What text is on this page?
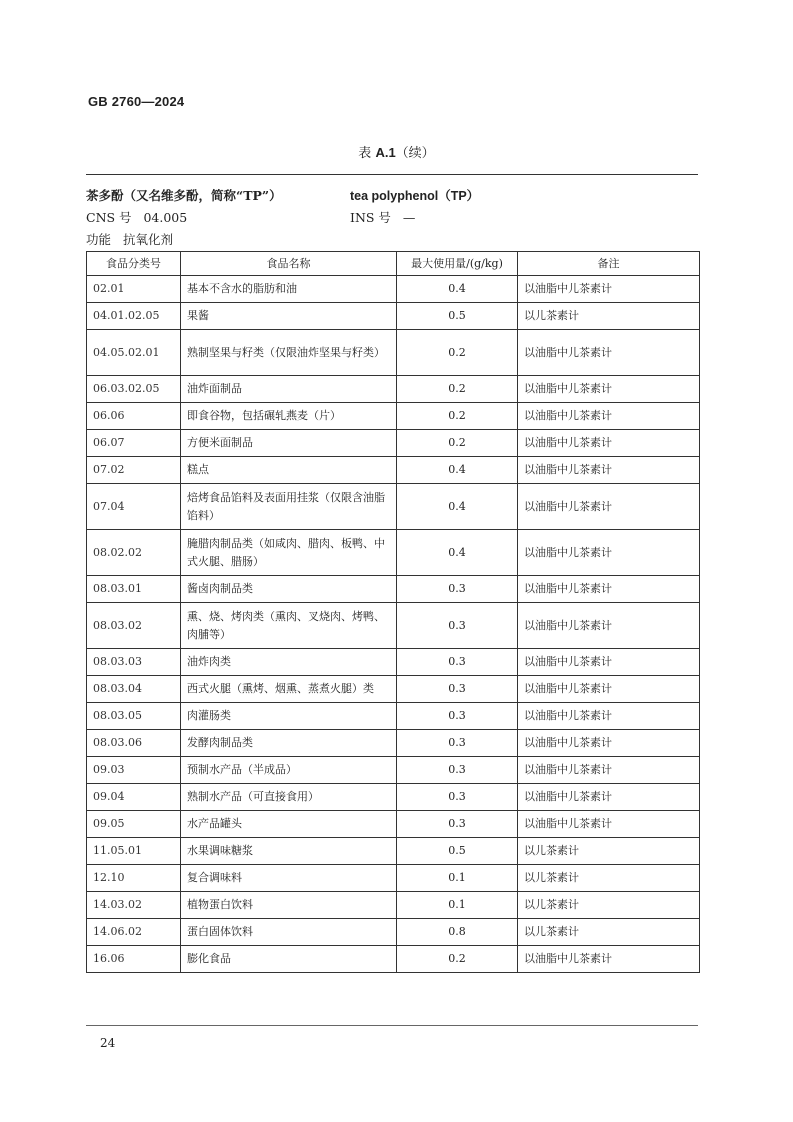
GB 2760—2024
表 A.1（续）
茶多酚（又名维多酚，简称“TP”）	tea polyphenol（TP）
CNS 号 04.005	INS 号 —
功能 抗氧化剂
食品分类号	食品名称	最大使用量/(g/kg)	备注
02.01	基本不含水的脂肪和油	0.4	以油脂中儿茶素计
04.01.02.05	果酱	0.5	以儿茶素计
04.05.02.01	熟制坚果与籽类（仅限油炸坚果与籽类）	0.2	以油脂中儿茶素计
06.03.02.05	油炸面制品	0.2	以油脂中儿茶素计
06.06	即食谷物，包括碾轧燕麦（片）	0.2	以油脂中儿茶素计
06.07	方便米面制品	0.2	以油脂中儿茶素计
07.02	糕点	0.4	以油脂中儿茶素计
07.04	焙烤食品馅料及表面用挂浆（仅限含油脂馅料）	0.4	以油脂中儿茶素计
08.02.02	腌腊肉制品类（如咸肉、腊肉、板鸭、中式火腿、腊肠）	0.4	以油脂中儿茶素计
08.03.01	酱卤肉制品类	0.3	以油脂中儿茶素计
08.03.02	熏、烧、烤肉类（熏肉、叉烧肉、烤鸭、肉脯等）	0.3	以油脂中儿茶素计
08.03.03	油炸肉类	0.3	以油脂中儿茶素计
08.03.04	西式火腿（熏烤、烟熏、蒸煮火腿）类	0.3	以油脂中儿茶素计
08.03.05	肉灌肠类	0.3	以油脂中儿茶素计
08.03.06	发酵肉制品类	0.3	以油脂中儿茶素计
09.03	预制水产品（半成品）	0.3	以油脂中儿茶素计
09.04	熟制水产品（可直接食用）	0.3	以油脂中儿茶素计
09.05	水产品罐头	0.3	以油脂中儿茶素计
11.05.01	水果调味糖浆	0.5	以儿茶素计
12.10	复合调味料	0.1	以儿茶素计
14.03.02	植物蛋白饮料	0.1	以儿茶素计
14.06.02	蛋白固体饮料	0.8	以儿茶素计
16.06	膨化食品	0.2	以油脂中儿茶素计
24
